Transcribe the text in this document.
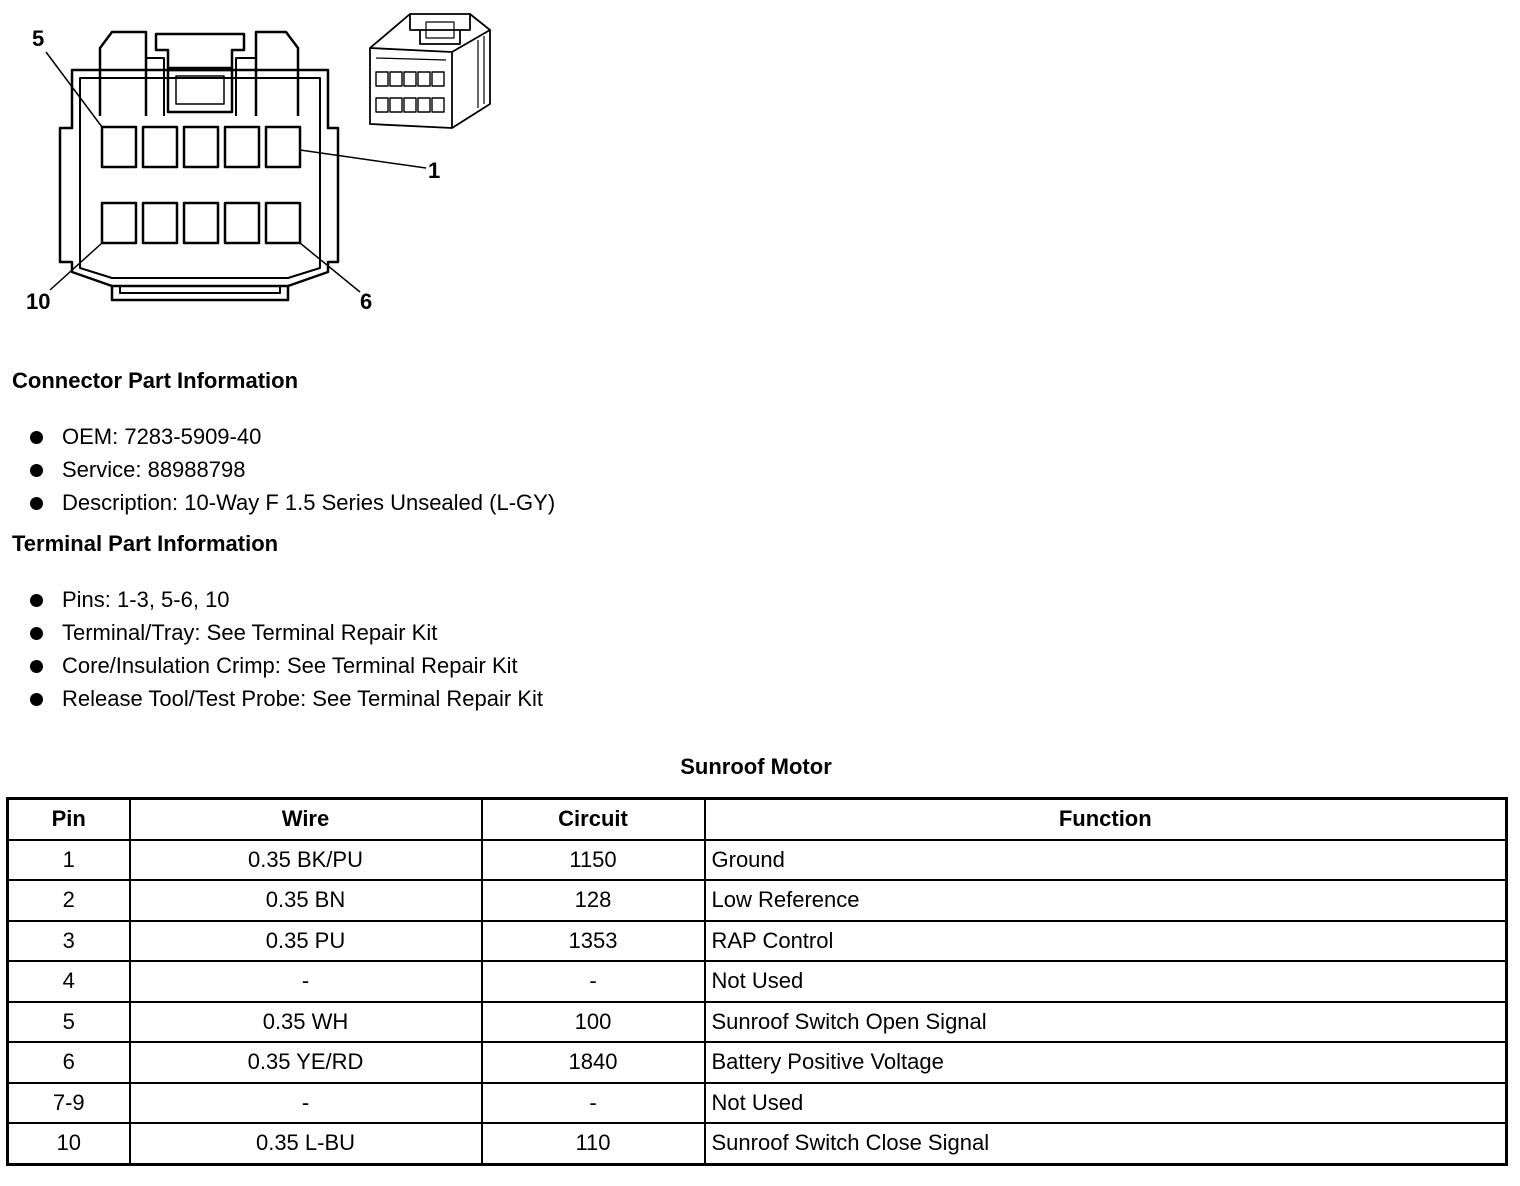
5
1
10	6
Connector Part Information
OEM: 7283-5909-40
Service: 88988798
Description: 10-Way F 1.5 Series Unsealed (L-GY)
Terminal Part Information
Pins: 1-3, 5-6, 10
Terminal/Tray: See Terminal Repair Kit
Core/Insulation Crimp: See Terminal Repair Kit
Release Tool/Test Probe: See Terminal Repair Kit
Sunroof Motor
Pin	Wire	Circuit	Function
1	0.35 BK/PU	1150	Ground
2	0.35 BN	128	Low Reference
3	0.35 PU	1353	RAP Control
4	-	-	Not Used
5	0.35 WH	100	Sunroof Switch Open Signal
6	0.35 YE/RD	1840	Battery Positive Voltage
7-9	-	-	Not Used
10	0.35 L-BU	110	Sunroof Switch Close Signal
